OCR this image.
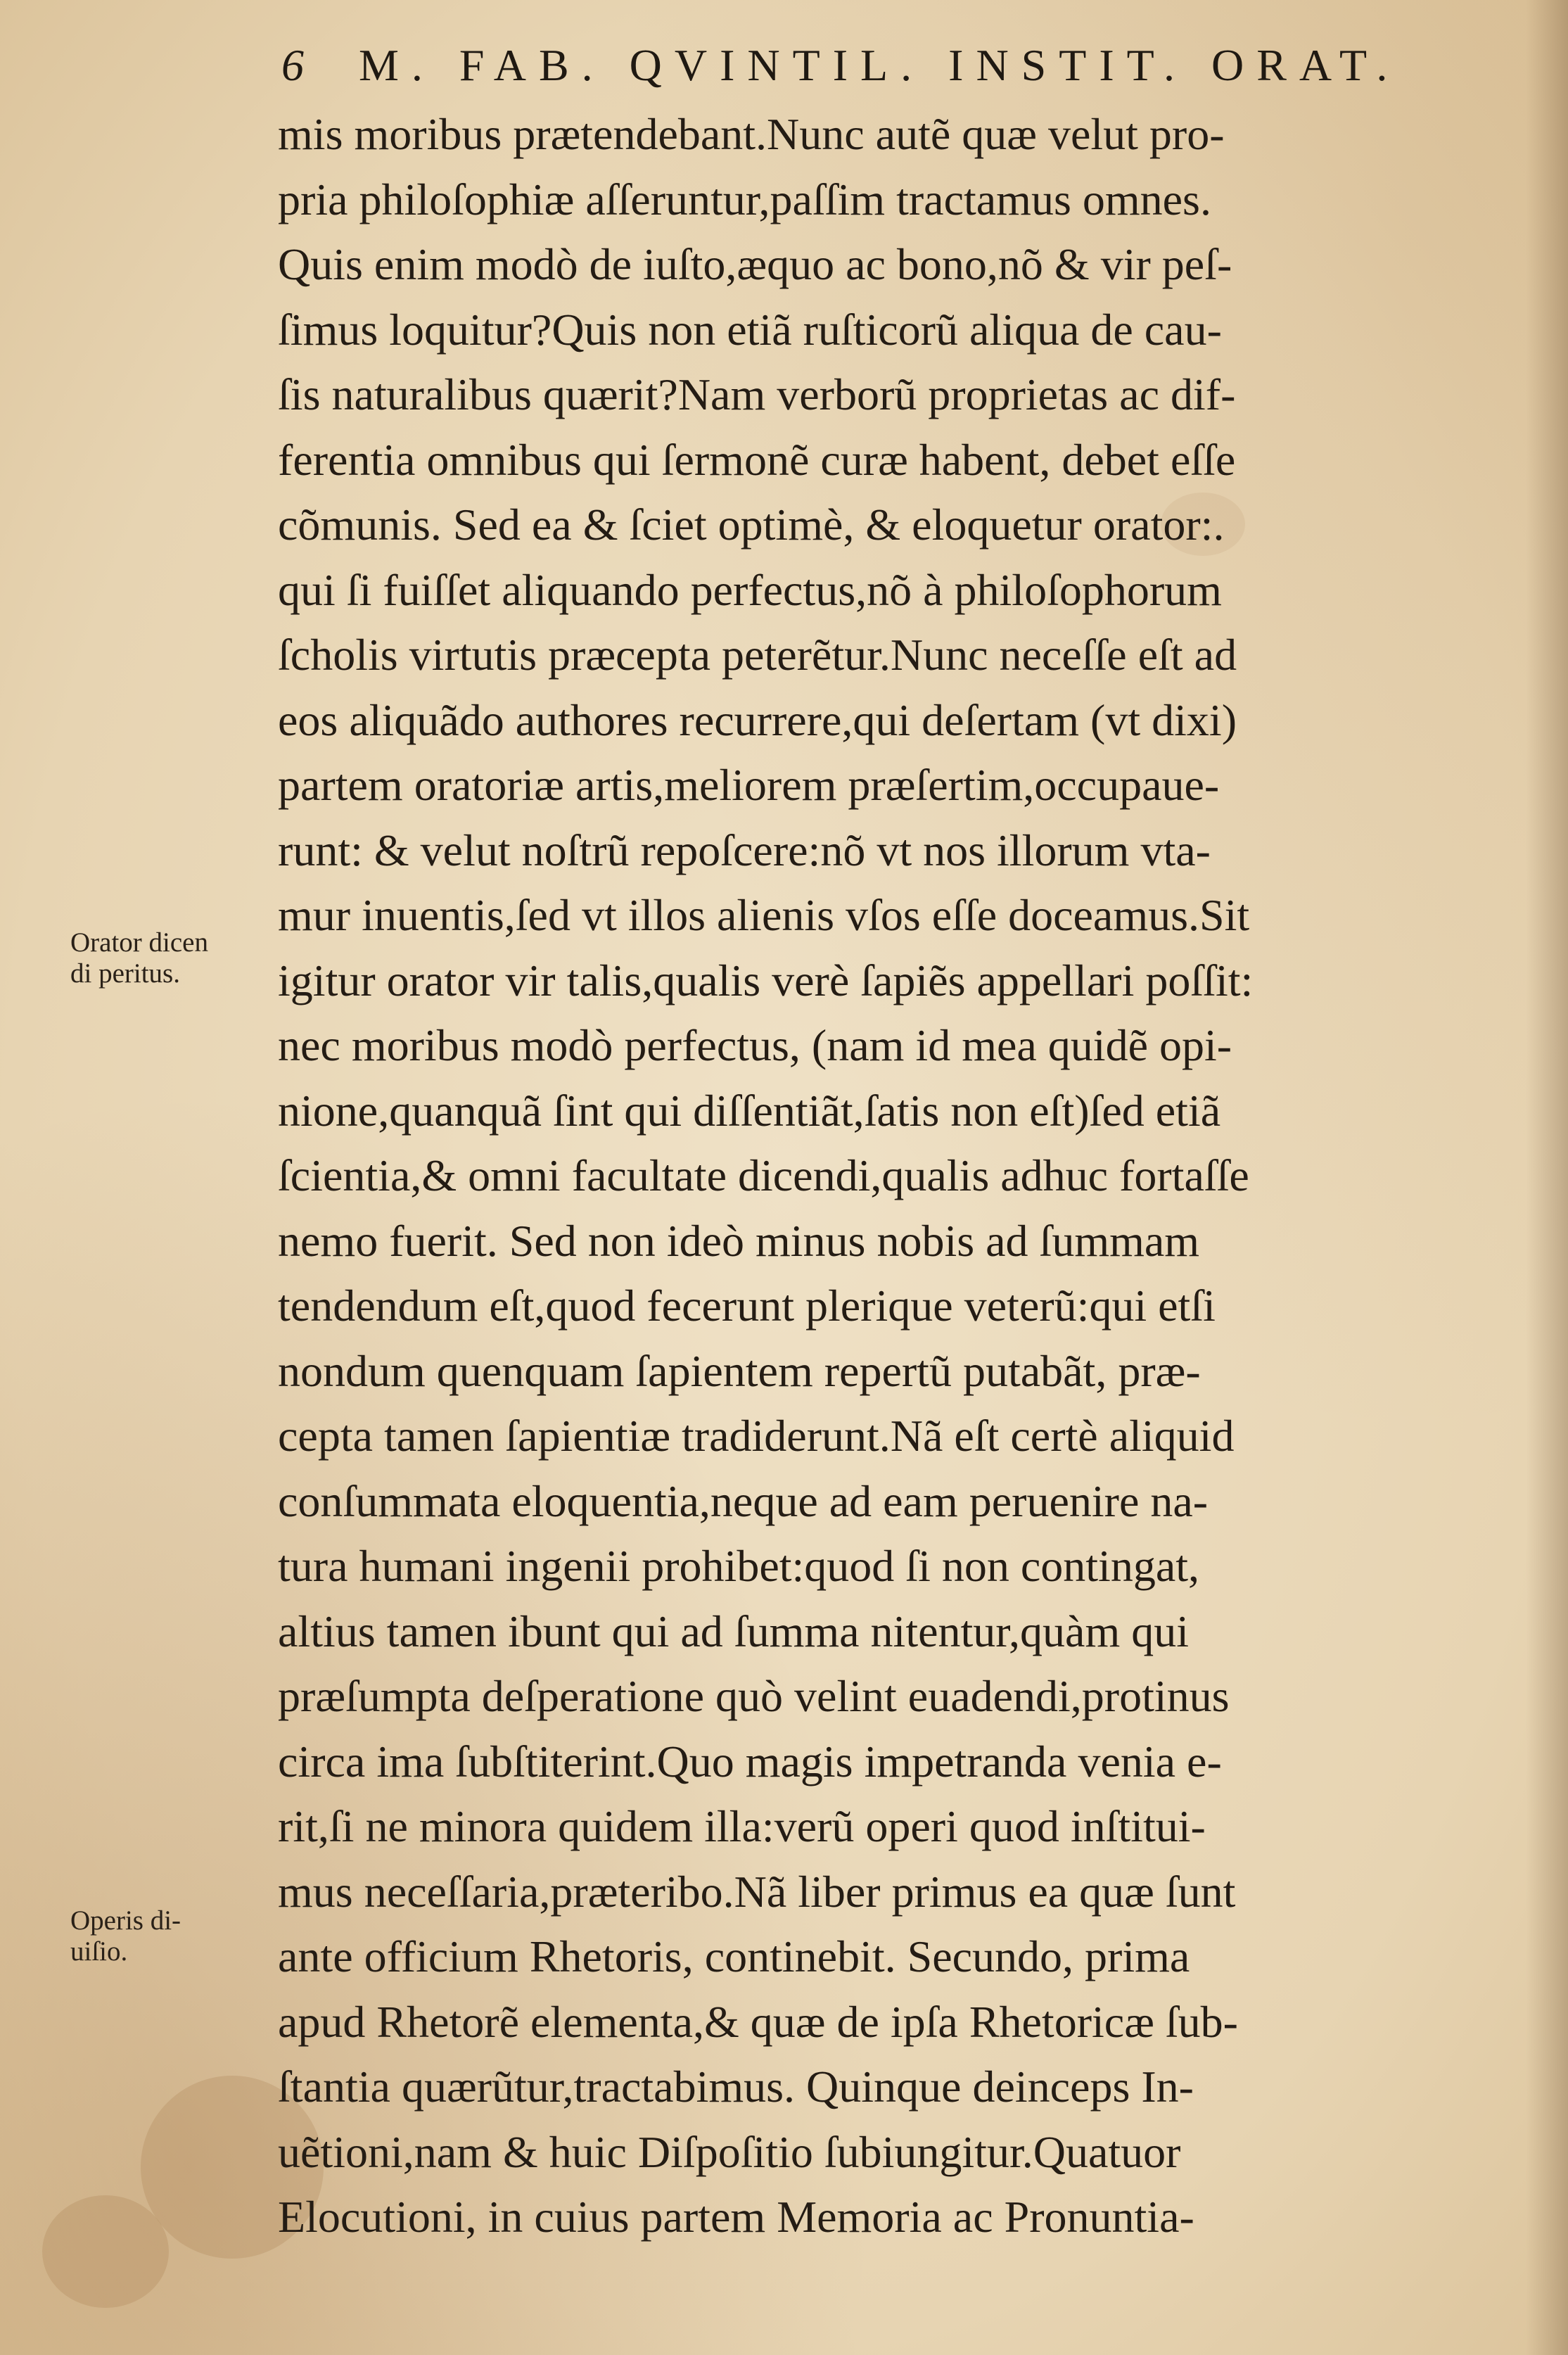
6 M. FAB. QVINTIL. INSTIT. ORAT.
mis moribus prætendebant.Nunc autẽ quæ velut pro-
pria philoſophiæ aſſeruntur,paſſim tractamus omnes.
Quis enim modò de iuſto,æquo ac bono,nõ & vir peſ-
ſimus loquitur?Quis non etiã ruſticorũ aliqua de cau-
ſis naturalibus quærit?Nam verborũ proprietas ac dif-
ferentia omnibus qui ſermonẽ curæ habent, debet eſſe
cõmunis. Sed ea & ſciet optimè, & eloquetur orator:.
qui ſi fuiſſet aliquando perfectus,nõ à philoſophorum
ſcholis virtutis præcepta peterẽtur.Nunc neceſſe eſt ad
eos aliquãdo authores recurrere,qui deſertam (vt dixi)
partem oratoriæ artis,meliorem præſertim,occupaue-
runt: & velut noſtrũ repoſcere:nõ vt nos illorum vta-
mur inuentis,ſed vt illos alienis vſos eſſe doceamus.Sit
igitur orator vir talis,qualis verè ſapiẽs appellari poſſit:
nec moribus modò perfectus, (nam id mea quidẽ opi-
nione,quanquã ſint qui diſſentiãt,ſatis non eſt)ſed etiã
ſcientia,& omni facultate dicendi,qualis adhuc fortaſſe
nemo fuerit. Sed non ideò minus nobis ad ſummam
tendendum eſt,quod fecerunt plerique veterũ:qui etſi
nondum quenquam ſapientem repertũ putabãt, præ-
cepta tamen ſapientiæ tradiderunt.Nã eſt certè aliquid
conſummata eloquentia,neque ad eam peruenire na-
tura humani ingenii prohibet:quod ſi non contingat,
altius tamen ibunt qui ad ſumma nitentur,quàm qui
præſumpta deſperatione quò velint euadendi,protinus
circa ima ſubſtiterint.Quo magis impetranda venia e-
rit,ſi ne minora quidem illa:verũ operi quod inſtitui-
mus neceſſaria,præteribo.Nã liber primus ea quæ ſunt
ante officium Rhetoris, continebit. Secundo, prima
apud Rhetorẽ elementa,& quæ de ipſa Rhetoricæ ſub-
ſtantia quærũtur,tractabimus. Quinque deinceps In-
uẽtioni,nam & huic Diſpoſitio ſubiungitur.Quatuor
Elocutioni, in cuius partem Memoria ac Pronuntia-
Orator dicen
di peritus.
Operis di-
uiſio.
